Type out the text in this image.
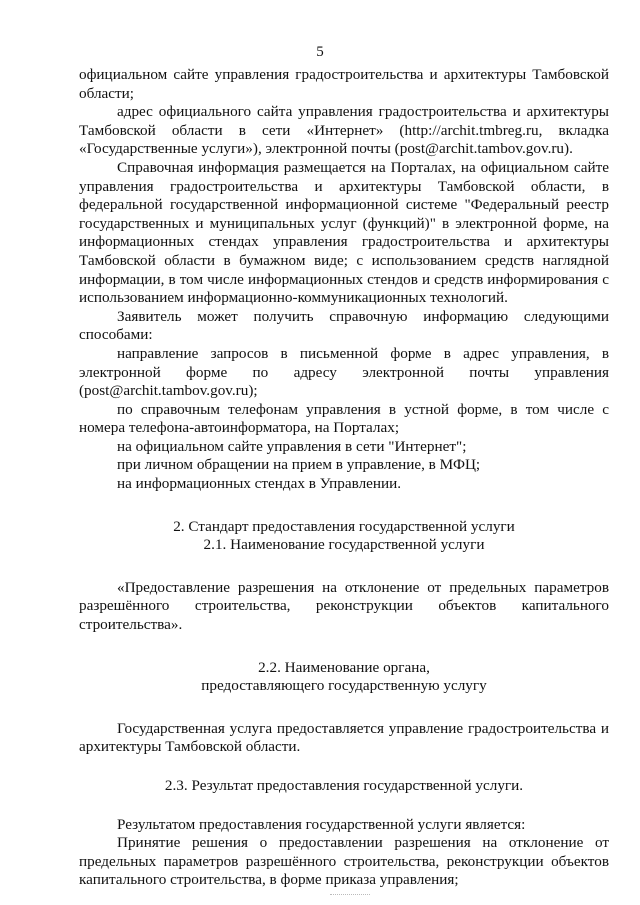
5

официальном сайте управления градостроительства и архитектуры Тамбовской области;

адрес официального сайта управления градостроительства и архитектуры Тамбовской области в сети «Интернет» (http://archit.tmbreg.ru, вкладка «Государственные услуги»), электронной почты (post@archit.tambov.gov.ru).

Справочная информация размещается на Порталах, на официальном сайте управления градостроительства и архитектуры Тамбовской области, в федеральной государственной информационной системе "Федеральный реестр государственных и муниципальных услуг (функций)" в электронной форме, на информационных стендах управления градостроительства и архитектуры Тамбовской области в бумажном виде; с использованием средств наглядной информации, в том числе информационных стендов и средств информирования с использованием информационно-коммуникационных технологий.

Заявитель может получить справочную информацию следующими способами:

направление запросов в письменной форме в адрес управления, в электронной форме по адресу электронной почты управления (post@archit.tambov.gov.ru);

по справочным телефонам управления в устной форме, в том числе с номера телефона-автоинформатора, на Порталах;

на официальном сайте управления в сети "Интернет";

при личном обращении на прием в управление, в МФЦ;

на информационных стендах в Управлении.

2. Стандарт предоставления государственной услуги

2.1. Наименование государственной услуги

«Предоставление разрешения на отклонение от предельных параметров разрешённого строительства, реконструкции объектов капитального строительства».

2.2. Наименование органа,

предоставляющего государственную услугу

Государственная услуга предоставляется управление градостроительства и архитектуры Тамбовской области.

2.3. Результат предоставления государственной услуги.

Результатом предоставления государственной услуги является:

Принятие решения о предоставлении разрешения на отклонение от предельных параметров разрешённого строительства, реконструкции объектов капитального строительства, в форме приказа управления;
